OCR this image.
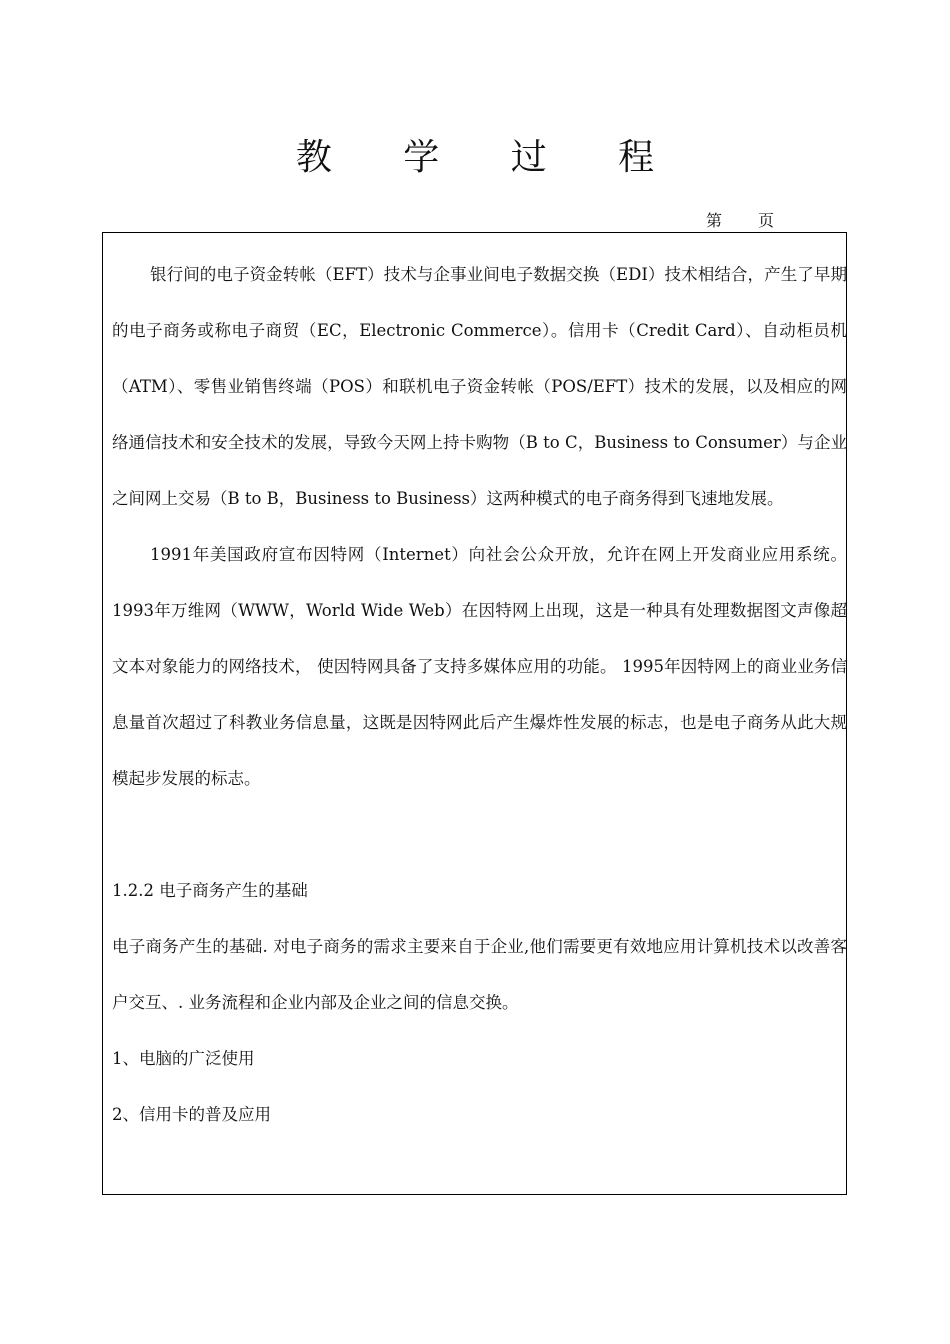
教 学 过 程
第 页

银行间的电子资金转帐（EFT）技术与企事业间电子数据交换（EDI）技术相结合，产生了早期的电子商务或称电子商贸（EC，Electronic Commerce）。信用卡（Credit Card）、自动柜员机（ATM）、零售业销售终端（POS）和联机电子资金转帐（POS/EFT）技术的发展，以及相应的网络通信技术和安全技术的发展，导致今天网上持卡购物（B to C，Business to Consumer）与企业之间网上交易（B to B，Business to Business）这两种模式的电子商务得到飞速地发展。

1991年美国政府宣布因特网（Internet）向社会公众开放，允许在网上开发商业应用系统。1993年万维网（WWW，World Wide Web）在因特网上出现，这是一种具有处理数据图文声像超文本对象能力的网络技术， 使因特网具备了支持多媒体应用的功能。 1995年因特网上的商业业务信息量首次超过了科教业务信息量，这既是因特网此后产生爆炸性发展的标志，也是电子商务从此大规模起步发展的标志。

1.2.2 电子商务产生的基础

电子商务产生的基础. 对电子商务的需求主要来自于企业,他们需要更有效地应用计算机技术以改善客户交互、. 业务流程和企业内部及企业之间的信息交换。

1、电脑的广泛使用

2、信用卡的普及应用
